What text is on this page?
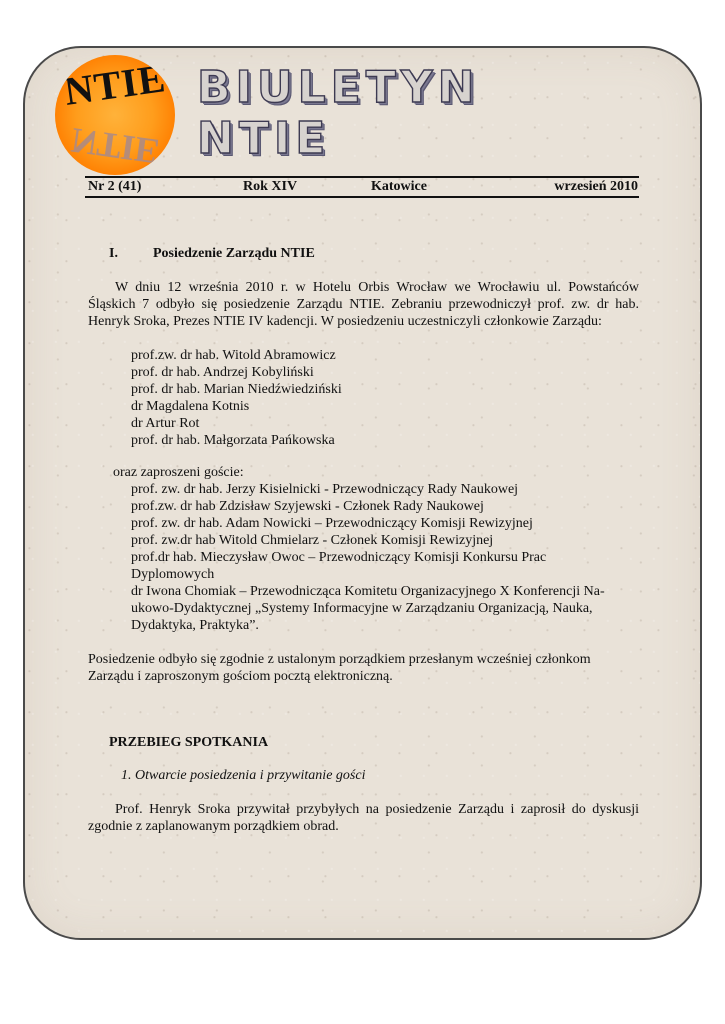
NTIE
NTIE
BIULETYN NTIE
Nr 2 (41)	Rok XIV	Katowice	wrzesień 2010
I.	Posiedzenie Zarządu NTIE
W dniu 12 września 2010 r. w Hotelu Orbis Wrocław we Wrocławiu ul. Powstańców
Śląskich 7 odbyło się posiedzenie Zarządu NTIE. Zebraniu przewodniczył prof. zw. dr hab.
Henryk Sroka, Prezes NTIE IV kadencji. W posiedzeniu uczestniczyli członkowie Zarządu:
prof.zw. dr hab. Witold Abramowicz
prof. dr hab. Andrzej Kobyliński
prof. dr hab. Marian Niedźwiedziński
dr Magdalena Kotnis
dr Artur Rot
prof. dr hab. Małgorzata Pańkowska
oraz zaproszeni goście:
prof. zw. dr hab. Jerzy Kisielnicki - Przewodniczący Rady Naukowej
prof.zw. dr hab Zdzisław Szyjewski - Członek Rady Naukowej
prof. zw. dr hab. Adam Nowicki – Przewodniczący Komisji Rewizyjnej
prof. zw.dr hab Witold Chmielarz - Członek Komisji Rewizyjnej
prof.dr hab. Mieczysław Owoc – Przewodniczący Komisji Konkursu Prac
Dyplomowych
dr Iwona Chomiak – Przewodnicząca Komitetu Organizacyjnego X Konferencji Na-
ukowo-Dydaktycznej „Systemy Informacyjne w Zarządzaniu Organizacją, Nauka,
Dydaktyka, Praktyka”.
Posiedzenie odbyło się zgodnie z ustalonym porządkiem przesłanym wcześniej członkom
Zarządu i zaproszonym gościom pocztą elektroniczną.
PRZEBIEG SPOTKANIA
1. Otwarcie posiedzenia i przywitanie gości
Prof. Henryk Sroka przywitał przybyłych na posiedzenie Zarządu i zaprosił do dyskusji
zgodnie z zaplanowanym porządkiem obrad.
